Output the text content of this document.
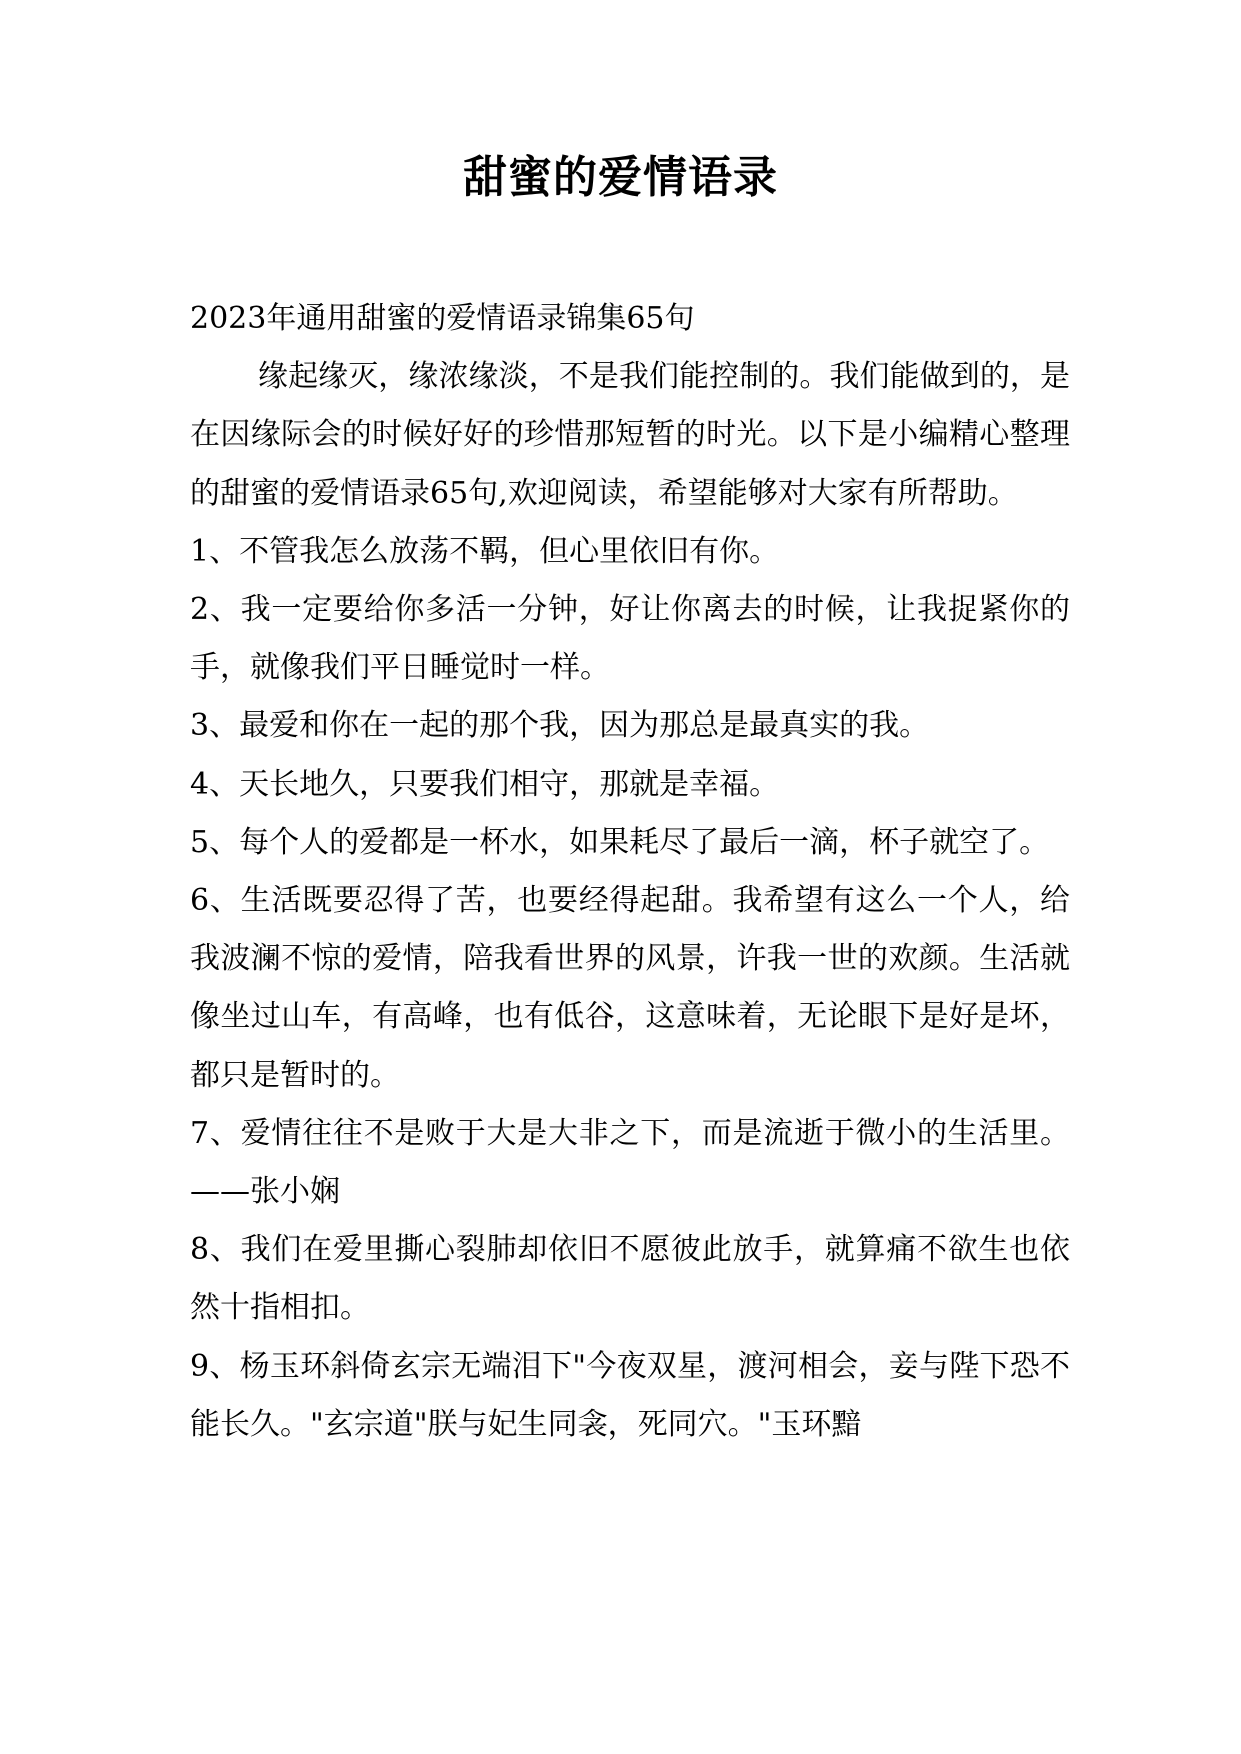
甜蜜的爱情语录

2023年通用甜蜜的爱情语录锦集65句

缘起缘灭，缘浓缘淡，不是我们能控制的。我们能做到的，是在因缘际会的时候好好的珍惜那短暂的时光。以下是小编精心整理的甜蜜的爱情语录65句,欢迎阅读，希望能够对大家有所帮助。

1、不管我怎么放荡不羁，但心里依旧有你。

2、我一定要给你多活一分钟，好让你离去的时候，让我捉紧你的手，就像我们平日睡觉时一样。

3、最爱和你在一起的那个我，因为那总是最真实的我。

4、天长地久，只要我们相守，那就是幸福。

5、每个人的爱都是一杯水，如果耗尽了最后一滴，杯子就空了。

6、生活既要忍得了苦，也要经得起甜。我希望有这么一个人，给我波澜不惊的爱情，陪我看世界的风景，许我一世的欢颜。生活就像坐过山车，有高峰，也有低谷，这意味着，无论眼下是好是坏，都只是暂时的。

7、爱情往往不是败于大是大非之下，而是流逝于微小的生活里。 ——张小娴

8、我们在爱里撕心裂肺却依旧不愿彼此放手，就算痛不欲生也依然十指相扣。

9、杨玉环斜倚玄宗无端泪下"今夜双星，渡河相会，妾与陛下恐不能长久。"玄宗道"朕与妃生同衾，死同穴。"玉环黯
